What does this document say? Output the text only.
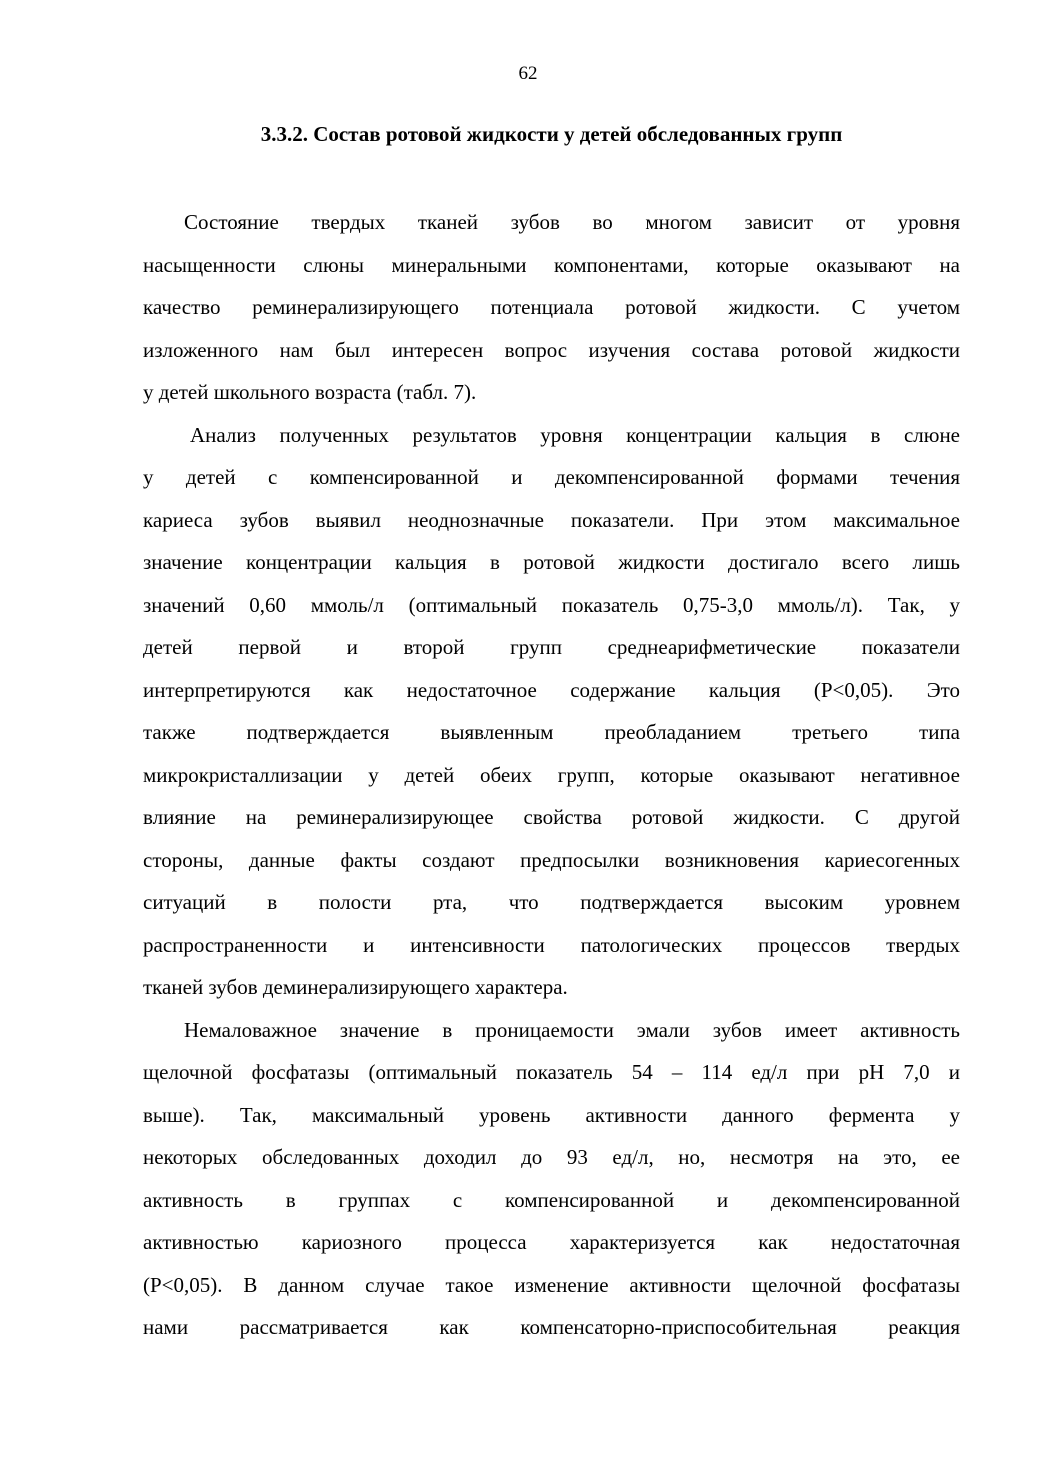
62
3.3.2. Состав ротовой жидкости у детей обследованных групп
Состояние твердых тканей зубов во многом зависит от уровня
насыщенности слюны минеральными компонентами, которые оказывают на
качество реминерализирующего потенциала ротовой жидкости. С учетом
изложенного нам был интересен вопрос изучения состава ротовой жидкости
у детей школьного возраста (табл. 7).
Анализ полученных результатов уровня концентрации кальция в слюне
у детей с компенсированной и декомпенсированной формами течения
кариеса зубов выявил неоднозначные показатели. При этом максимальное
значение концентрации кальция в ротовой жидкости достигало всего лишь
значений 0,60 ммоль/л (оптимальный показатель 0,75-3,0 ммоль/л). Так, у
детей первой и второй групп среднеарифметические показатели
интерпретируются как недостаточное содержание кальция (P<0,05). Это
также подтверждается выявленным преобладанием третьего типа
микрокристаллизации у детей обеих групп, которые оказывают негативное
влияние на реминерализирующее свойства ротовой жидкости. С другой
стороны, данные факты создают предпосылки возникновения кариесогенных
ситуаций в полости рта, что подтверждается высоким уровнем
распространенности и интенсивности патологических процессов твердых
тканей зубов деминерализирующего характера.
Немаловажное значение в проницаемости эмали зубов имеет активность
щелочной фосфатазы (оптимальный показатель 54 – 114 ед/л при pH 7,0 и
выше). Так, максимальный уровень активности данного фермента у
некоторых обследованных доходил до 93 ед/л, но, несмотря на это, ее
активность в группах с компенсированной и декомпенсированной
активностью кариозного процесса характеризуется как недостаточная
(P<0,05). В данном случае такое изменение активности щелочной фосфатазы
нами рассматривается как компенсаторно-приспособительная реакция
